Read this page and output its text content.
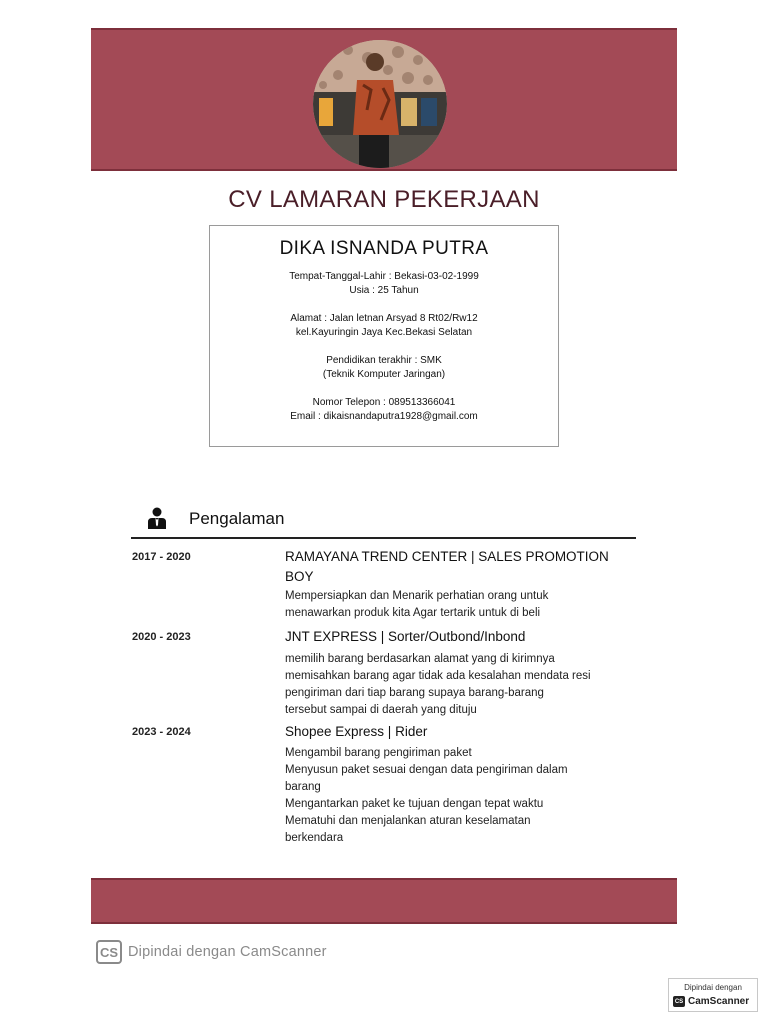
CV LAMARAN PEKERJAAN
DIKA ISNANDA PUTRA
Tempat-Tanggal-Lahir : Bekasi-03-02-1999
Usia : 25 Tahun
Alamat : Jalan letnan Arsyad 8 Rt02/Rw12
kel.Kayuringin Jaya Kec.Bekasi Selatan
Pendidikan terakhir : SMK
(Teknik Komputer Jaringan)
Nomor Telepon : 089513366041
Email : dikaisnandaputra1928@gmail.com
Pengalaman
2017 - 2020	RAMAYANA TREND CENTER | SALES PROMOTION BOY
Mempersiapkan dan Menarik perhatian orang untuk
menawarkan produk kita Agar tertarik untuk di beli
2020 - 2023	JNT EXPRESS | Sorter/Outbond/Inbond
memilih barang berdasarkan alamat yang di kirimnya
memisahkan barang agar tidak ada kesalahan mendata resi
pengiriman dari tiap barang supaya barang-barang
tersebut sampai di daerah yang dituju
2023 - 2024	Shopee Express | Rider
Mengambil barang pengiriman paket
Menyusun paket sesuai dengan data pengiriman dalam
barang
Mengantarkan paket ke tujuan dengan tepat waktu
Mematuhi dan menjalankan aturan keselamatan
berkendara
CS Dipindai dengan CamScanner
Dipindai dengan
CS CamScanner
